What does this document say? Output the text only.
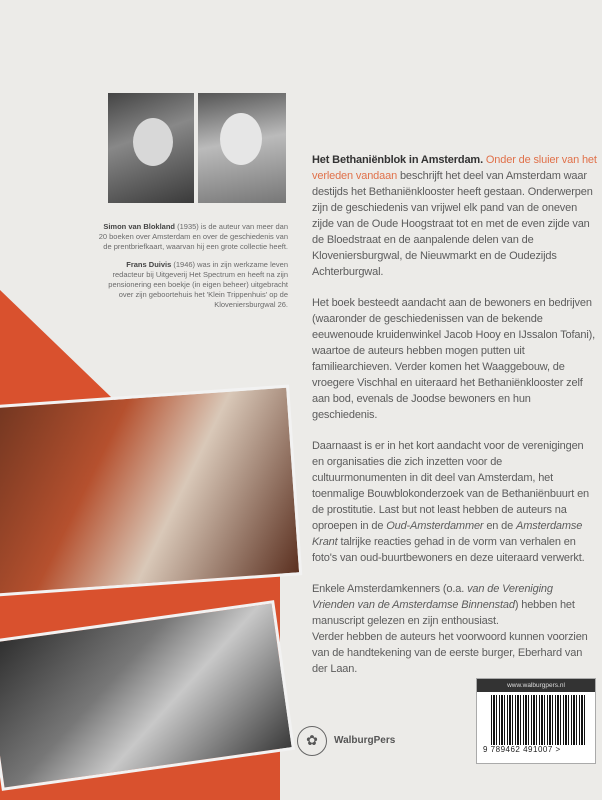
Simon van Blokland (1935) is de auteur van meer dan 20 boeken over Amsterdam en over de geschiedenis van de prentbriefkaart, waarvan hij een grote collectie heeft.
Frans Duivis (1946) was in zijn werkzame leven redacteur bij Uitgeverij Het Spectrum en heeft na zijn pensionering een boekje (in eigen beheer) uitgebracht over zijn geboortehuis het 'Klein Trippenhuis' op de Kloveniersburgwal 26.

Het Bethaniënblok in Amsterdam. Onder de sluier van het verleden vandaan beschrijft het deel van Amsterdam waar destijds het Bethaniënklooster heeft gestaan. Onderwerpen zijn de geschiedenis van vrijwel elk pand van de oneven zijde van de Oude Hoogstraat tot en met de even zijde van de Bloedstraat en de aanpalende delen van de Kloveniersburgwal, de Nieuwmarkt en de Oudezijds Achterburgwal.

Het boek besteedt aandacht aan de bewoners en bedrijven (waaronder de geschiedenissen van de bekende eeuwenoude kruidenwinkel Jacob Hooy en IJssalon Tofani), waartoe de auteurs hebben mogen putten uit familiearchieven. Verder komen het Waaggebouw, de vroegere Vischhal en uiteraard het Bethaniënklooster zelf aan bod, evenals de Joodse bewoners en hun geschiedenis.

Daarnaast is er in het kort aandacht voor de verenigingen en organisaties die zich inzetten voor de cultuurmonumenten in dit deel van Amsterdam, het toenmalige Bouwblokonderzoek van de Bethaniënbuurt en de prostitutie. Last but not least hebben de auteurs na oproepen in de Oud-Amsterdammer en de Amsterdamse Krant talrijke reacties gehad in de vorm van verhalen en foto's van oud-buurtbewoners en deze uiteraard verwerkt.

Enkele Amsterdamkenners (o.a. van de Vereniging Vrienden van de Amsterdamse Binnenstad) hebben het manuscript gelezen en zijn enthousiast.

Verder hebben de auteurs het voorwoord kunnen voorzien van de handtekening van de eerste burger, Eberhard van der Laan.

✿	WalburgPers
www.walburgpers.nl
9 789462 491007 >
